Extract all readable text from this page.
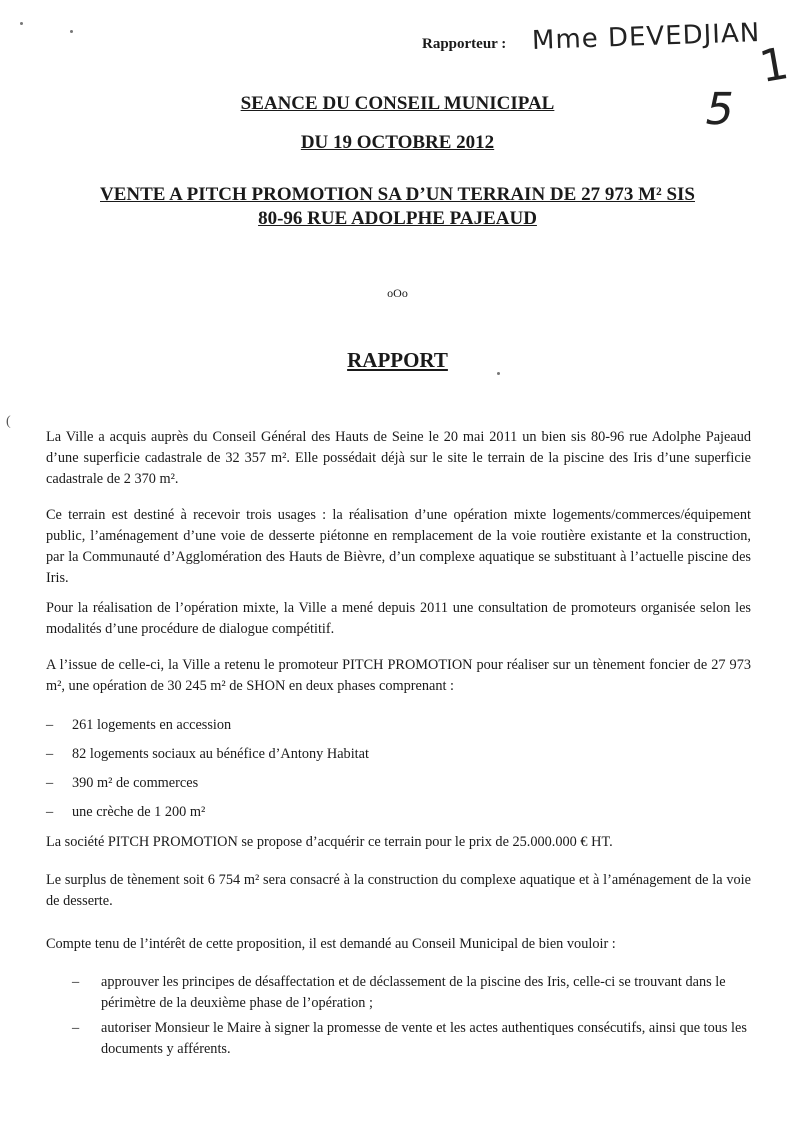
Rapporteur : Mme DEVEDJIAN
5
1
SEANCE DU CONSEIL MUNICIPAL
DU 19 OCTOBRE 2012
VENTE A PITCH PROMOTION SA D’UN TERRAIN DE 27 973 M² SIS
80-96 RUE ADOLPHE PAJEAUD
oOo
RAPPORT
(
La Ville a acquis auprès du Conseil Général des Hauts de Seine le 20 mai 2011 un bien sis 80-96 rue Adolphe Pajeaud d’une superficie cadastrale de 32 357 m². Elle possédait déjà sur le site le terrain de la piscine des Iris d’une superficie cadastrale de 2 370 m².
Ce terrain est destiné à recevoir trois usages : la réalisation d’une opération mixte logements/commerces/équipement public, l’aménagement d’une voie de desserte piétonne en remplacement de la voie routière existante et la construction, par la Communauté d’Agglomération des Hauts de Bièvre, d’un complexe aquatique se substituant à l’actuelle piscine des Iris.
Pour la réalisation de l’opération mixte, la Ville a mené depuis 2011 une consultation de promoteurs organisée selon les modalités d’une procédure de dialogue compétitif.
A l’issue de celle-ci, la Ville a retenu le promoteur PITCH PROMOTION pour réaliser sur un tènement foncier de 27 973 m², une opération de 30 245 m² de SHON en deux phases comprenant :
– 261 logements en accession
– 82 logements sociaux au bénéfice d’Antony Habitat
– 390 m² de commerces
– une crèche de 1 200 m²
La société PITCH PROMOTION se propose d’acquérir ce terrain pour le prix de 25.000.000 € HT.
Le surplus de tènement soit 6 754 m² sera consacré à la construction du complexe aquatique et à l’aménagement de la voie de desserte.
Compte tenu de l’intérêt de cette proposition, il est demandé au Conseil Municipal de bien vouloir :
– approuver les principes de désaffectation et de déclassement de la piscine des Iris, celle-ci se trouvant dans le périmètre de la deuxième phase de l’opération ;
– autoriser Monsieur le Maire à signer la promesse de vente et les actes authentiques consécutifs, ainsi que tous les documents y afférents.
